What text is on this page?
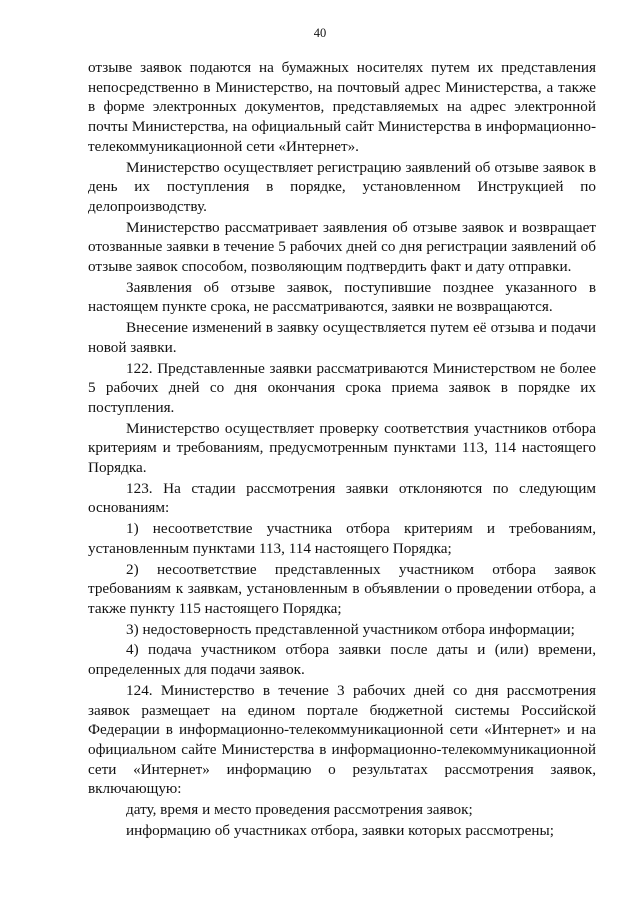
40

отзыве заявок подаются на бумажных носителях путем их представления непосредственно в Министерство, на почтовый адрес Министерства, а также в форме электронных документов, представляемых на адрес электронной почты Министерства, на официальный сайт Министерства в информационно-телекоммуникационной сети «Интернет».

Министерство осуществляет регистрацию заявлений об отзыве заявок в день их поступления в порядке, установленном Инструкцией по делопроизводству.

Министерство рассматривает заявления об отзыве заявок и возвращает отозванные заявки в течение 5 рабочих дней со дня регистрации заявлений об отзыве заявок способом, позволяющим подтвердить факт и дату отправки.

Заявления об отзыве заявок, поступившие позднее указанного в настоящем пункте срока, не рассматриваются, заявки не возвращаются.

Внесение изменений в заявку осуществляется путем её отзыва и подачи новой заявки.

122. Представленные заявки рассматриваются Министерством не более 5 рабочих дней со дня окончания срока приема заявок в порядке их поступления.

Министерство осуществляет проверку соответствия участников отбора критериям и требованиям, предусмотренным пунктами 113, 114 настоящего Порядка.

123. На стадии рассмотрения заявки отклоняются по следующим основаниям:

1) несоответствие участника отбора критериям и требованиям, установленным пунктами 113, 114 настоящего Порядка;

2) несоответствие представленных участником отбора заявок требованиям к заявкам, установленным в объявлении о проведении отбора, а также пункту 115 настоящего Порядка;

3) недостоверность представленной участником отбора информации;

4) подача участником отбора заявки после даты и (или) времени, определенных для подачи заявок.

124. Министерство в течение 3 рабочих дней со дня рассмотрения заявок размещает на едином портале бюджетной системы Российской Федерации в информационно-телекоммуникационной сети «Интернет» и на официальном сайте Министерства в информационно-телекоммуникационной сети «Интернет» информацию о результатах рассмотрения заявок, включающую:

дату, время и место проведения рассмотрения заявок;

информацию об участниках отбора, заявки которых рассмотрены;
